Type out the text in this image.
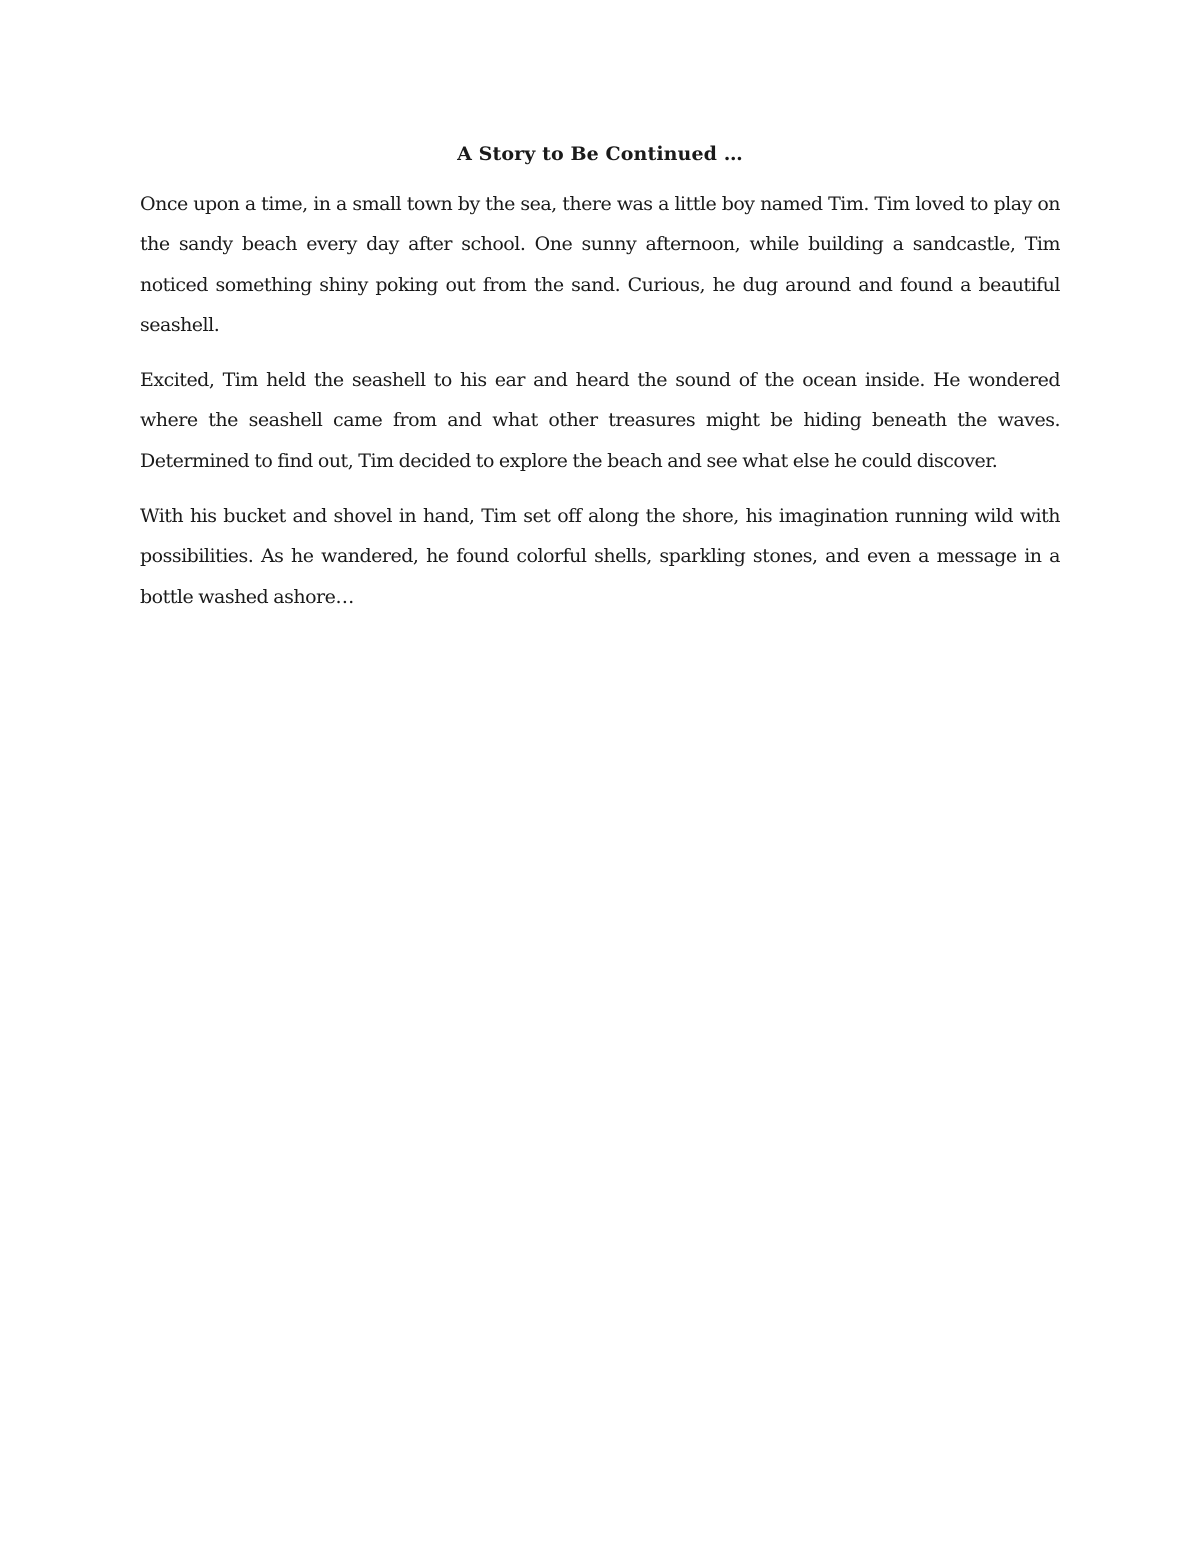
A Story to Be Continued …

Once upon a time, in a small town by the sea, there was a little boy named Tim. Tim loved to play on the sandy beach every day after school. One sunny afternoon, while building a sandcastle, Tim noticed something shiny poking out from the sand. Curious, he dug around and found a beautiful seashell.

Excited, Tim held the seashell to his ear and heard the sound of the ocean inside. He wondered where the seashell came from and what other treasures might be hiding beneath the waves. Determined to find out, Tim decided to explore the beach and see what else he could discover.

With his bucket and shovel in hand, Tim set off along the shore, his imagination running wild with possibilities. As he wandered, he found colorful shells, sparkling stones, and even a message in a bottle washed ashore…
